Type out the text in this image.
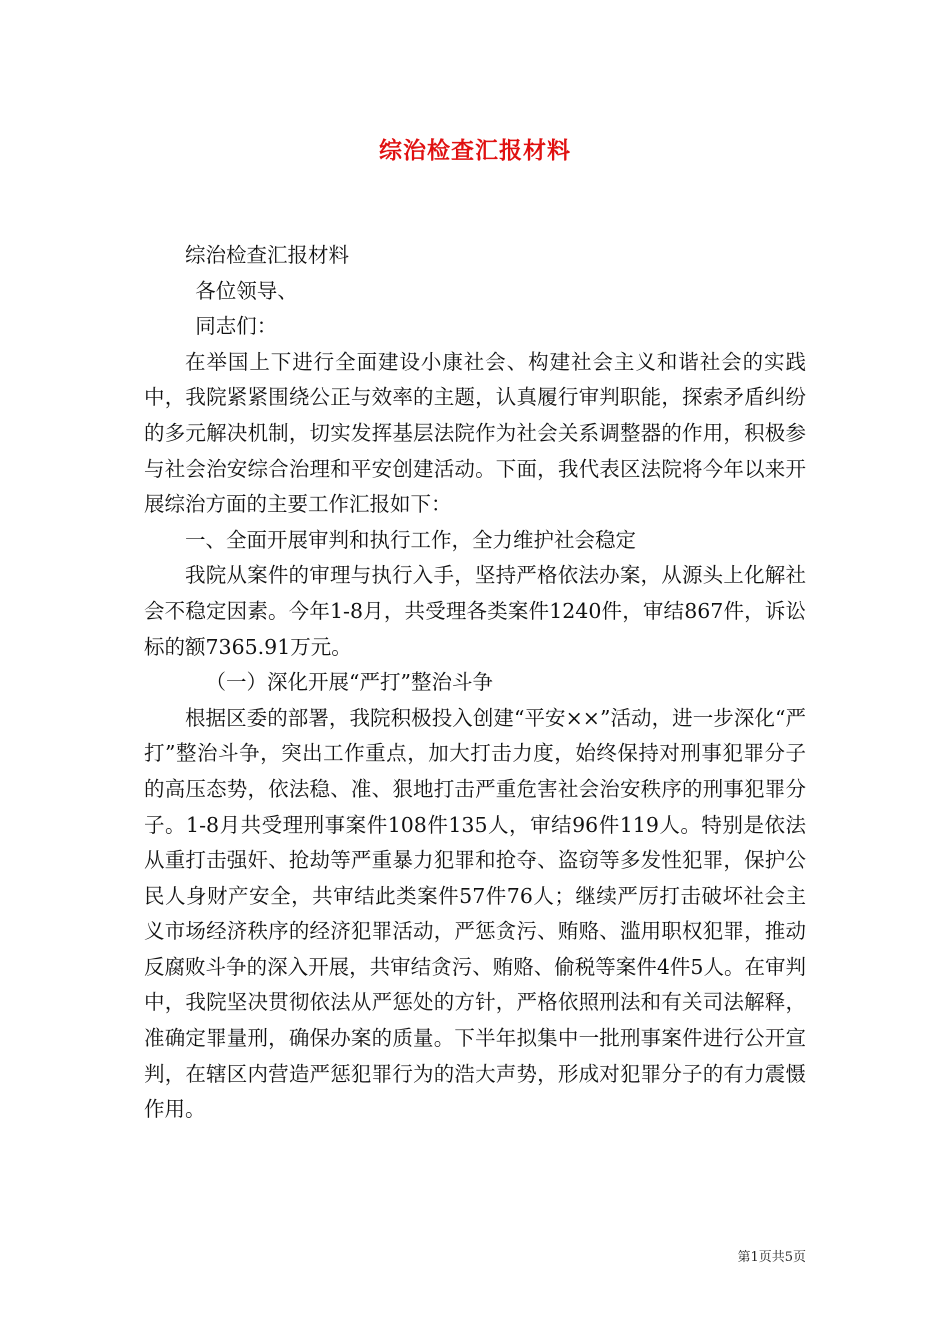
综治检查汇报材料

综治检查汇报材料

各位领导、

同志们：

在举国上下进行全面建设小康社会、构建社会主义和谐社会的实践中，我院紧紧围绕公正与效率的主题，认真履行审判职能，探索矛盾纠纷的多元解决机制，切实发挥基层法院作为社会关系调整器的作用，积极参与社会治安综合治理和平安创建活动。下面，我代表区法院将今年以来开展综治方面的主要工作汇报如下：

一、全面开展审判和执行工作，全力维护社会稳定

我院从案件的审理与执行入手，坚持严格依法办案，从源头上化解社会不稳定因素。今年1-8月，共受理各类案件1240件，审结867件，诉讼标的额7365.91万元。

（一）深化开展“严打”整治斗争

根据区委的部署，我院积极投入创建“平安××”活动，进一步深化“严打”整治斗争，突出工作重点，加大打击力度，始终保持对刑事犯罪分子的高压态势，依法稳、准、狠地打击严重危害社会治安秩序的刑事犯罪分子。1-8月共受理刑事案件108件135人，审结96件119人。特别是依法从重打击强奸、抢劫等严重暴力犯罪和抢夺、盗窃等多发性犯罪，保护公民人身财产安全，共审结此类案件57件76人；继续严厉打击破坏社会主义市场经济秩序的经济犯罪活动，严惩贪污、贿赂、滥用职权犯罪，推动反腐败斗争的深入开展，共审结贪污、贿赂、偷税等案件4件5人。在审判中，我院坚决贯彻依法从严惩处的方针，严格依照刑法和有关司法解释，准确定罪量刑，确保办案的质量。下半年拟集中一批刑事案件进行公开宣判，在辖区内营造严惩犯罪行为的浩大声势，形成对犯罪分子的有力震慑作用。

第1页共5页
